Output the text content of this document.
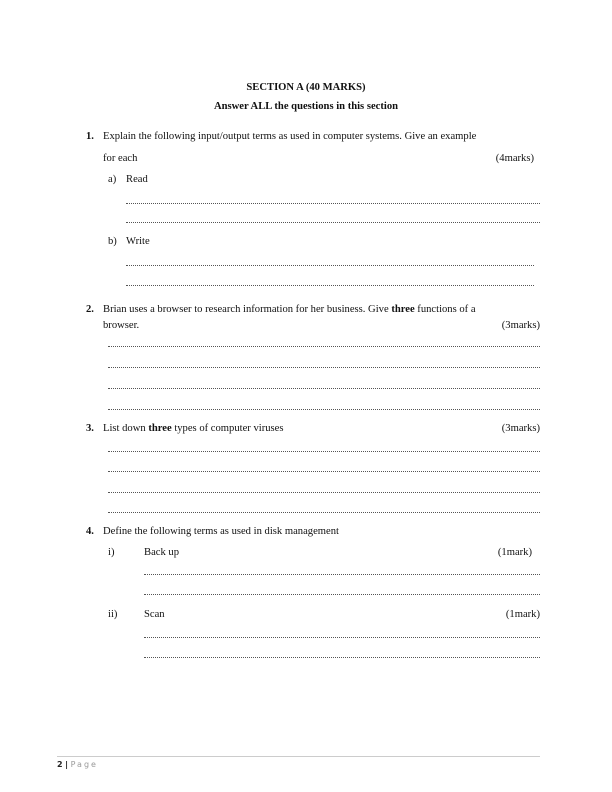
SECTION A (40 MARKS)
Answer ALL the questions in this section
1. Explain the following input/output terms as used in computer systems. Give an example
for each	(4marks)
a) Read
b) Write
2. Brian uses a browser to research information for her business. Give three functions of a
browser.	(3marks)
3. List down three types of computer viruses	(3marks)
4. Define the following terms as used in disk management
i)	Back up	(1mark)
ii)	Scan	(1mark)
2 | Page
